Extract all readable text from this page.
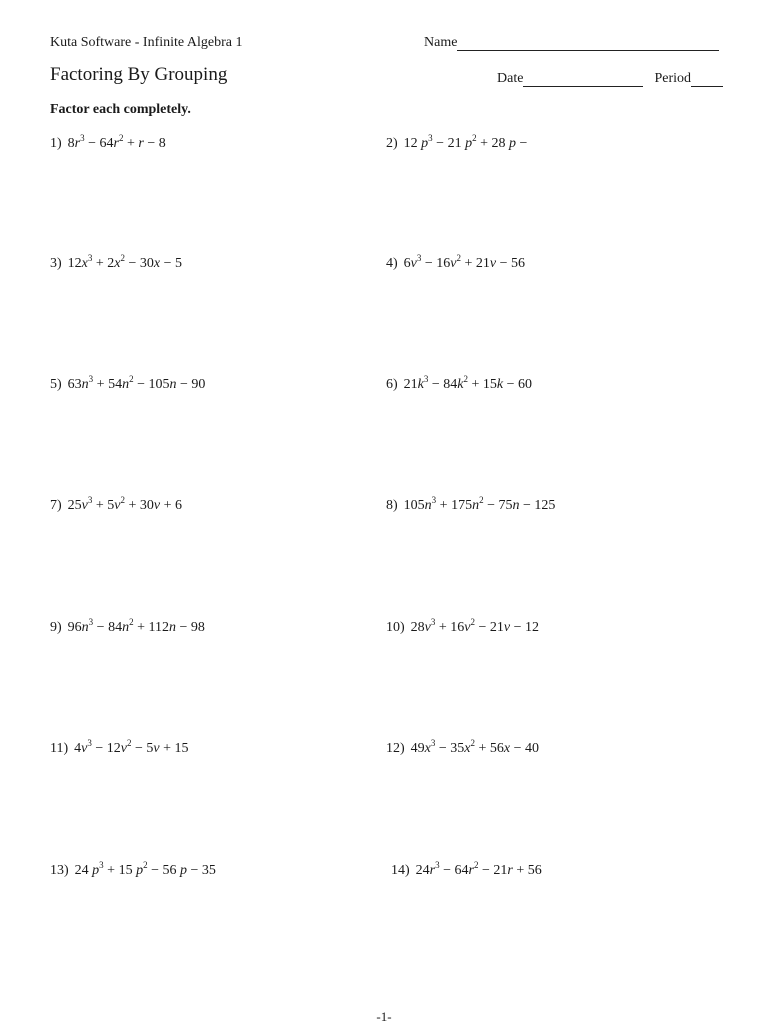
Kuta Software - Infinite Algebra 1	Name
Factoring By Grouping	Date	Period
Factor each completely.
1) $8r^3 - 64r^2 + r - 8$	2) 12 $p^3 - 21$ $p^2 + 28$ p −
3) $12x^3 + 2x^2 - 30x - 5$	4) $6v^3 - 16v^2 + 21v - 56$
5) $63n^3 + 54n^2 - 105n - 90$	6) $21k^3 - 84k^2 + 15k - 60$
7) $25v^3 + 5v^2 + 30v + 6$	8) $105n^3 + 175n^2 - 75n - 125$
9) $96n^3 - 84n^2 + 112n - 98$	10) $28v^3 + 16v^2 - 21v - 12$
11) $4v^3 - 12v^2 - 5v + 15$	12) $49x^3 - 35x^2 + 56x - 40$
13) 24 $p^3 + 15$ $p^2 - 56$ p − 35	14) $24r^3 - 64r^2 - 21r + 56$
-1-
